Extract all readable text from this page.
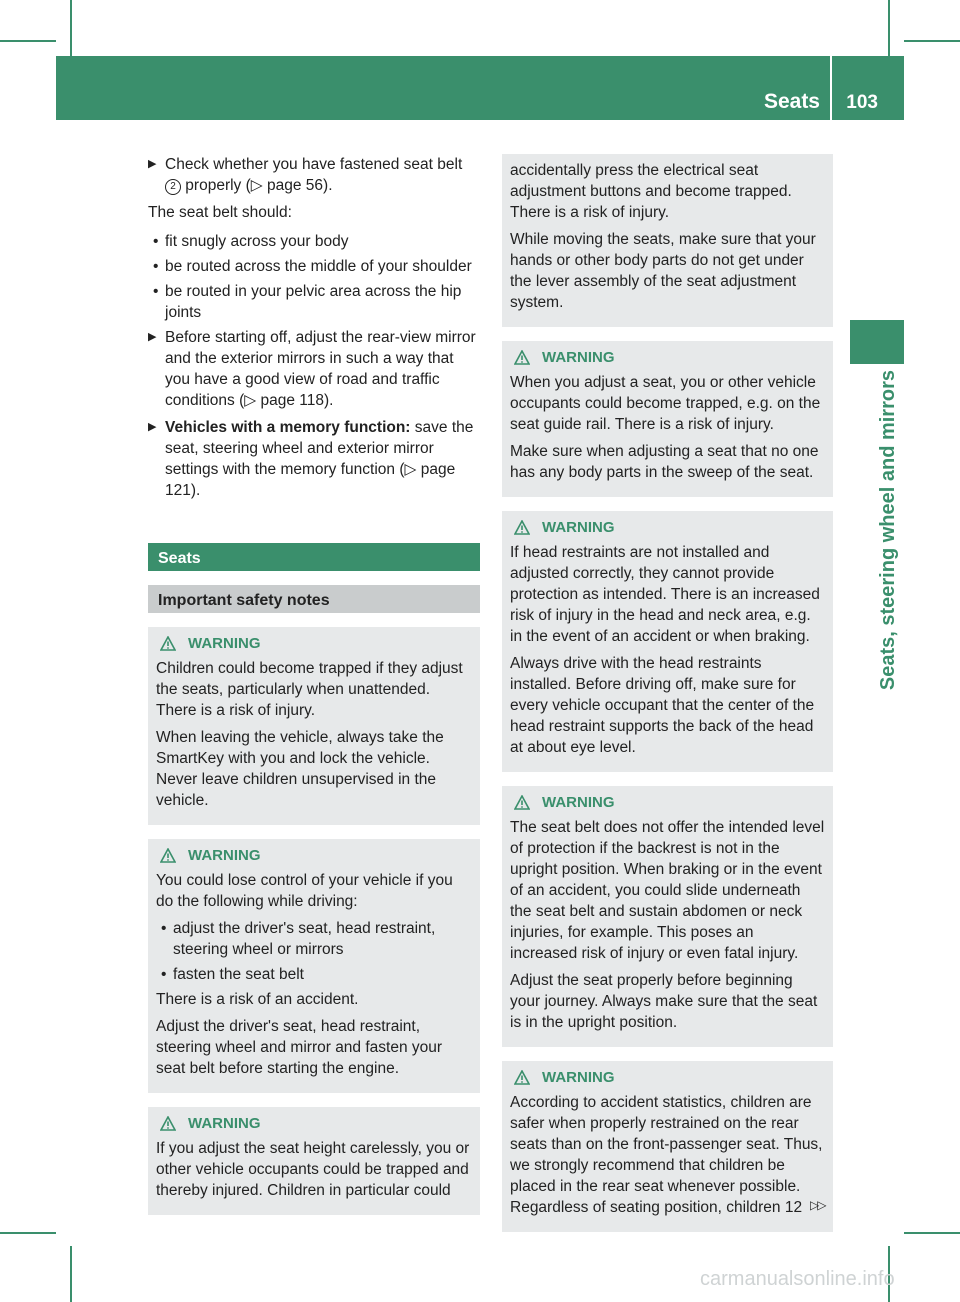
Seats 103
Seats, steering wheel and mirrors
▶ Check whether you have fastened seat belt 2 properly (▷ page 56).

The seat belt should:

• fit snugly across your body
• be routed across the middle of your shoulder
• be routed in your pelvic area across the hip joints
▶ Before starting off, adjust the rear-view mirror and the exterior mirrors in such a way that you have a good view of road and traffic conditions (▷ page 118).
▶ Vehicles with a memory function: save the seat, steering wheel and exterior mirror settings with the memory function (▷ page 121).
Seats
Important safety notes
WARNING

Children could become trapped if they adjust the seats, particularly when unattended. There is a risk of injury.

When leaving the vehicle, always take the SmartKey with you and lock the vehicle. Never leave children unsupervised in the vehicle.

WARNING

You could lose control of your vehicle if you do the following while driving:

• adjust the driver's seat, head restraint, steering wheel or mirrors
• fasten the seat belt

There is a risk of an accident.

Adjust the driver's seat, head restraint, steering wheel and mirror and fasten your seat belt before starting the engine.

WARNING

If you adjust the seat height carelessly, you or other vehicle occupants could be trapped and thereby injured. Children in particular could

accidentally press the electrical seat adjustment buttons and become trapped. There is a risk of injury.

While moving the seats, make sure that your hands or other body parts do not get under the lever assembly of the seat adjustment system.

WARNING

When you adjust a seat, you or other vehicle occupants could become trapped, e.g. on the seat guide rail. There is a risk of injury.

Make sure when adjusting a seat that no one has any body parts in the sweep of the seat.

WARNING

If head restraints are not installed and adjusted correctly, they cannot provide protection as intended. There is an increased risk of injury in the head and neck area, e.g. in the event of an accident or when braking.

Always drive with the head restraints installed. Before driving off, make sure for every vehicle occupant that the center of the head restraint supports the back of the head at about eye level.

WARNING

The seat belt does not offer the intended level of protection if the backrest is not in the upright position. When braking or in the event of an accident, you could slide underneath the seat belt and sustain abdomen or neck injuries, for example. This poses an increased risk of injury or even fatal injury.

Adjust the seat properly before beginning your journey. Always make sure that the seat is in the upright position.

WARNING

According to accident statistics, children are safer when properly restrained on the rear seats than on the front-passenger seat. Thus, we strongly recommend that children be placed in the rear seat whenever possible. Regardless of seating position, children 12 ▷▷
carmanualsonline.info
